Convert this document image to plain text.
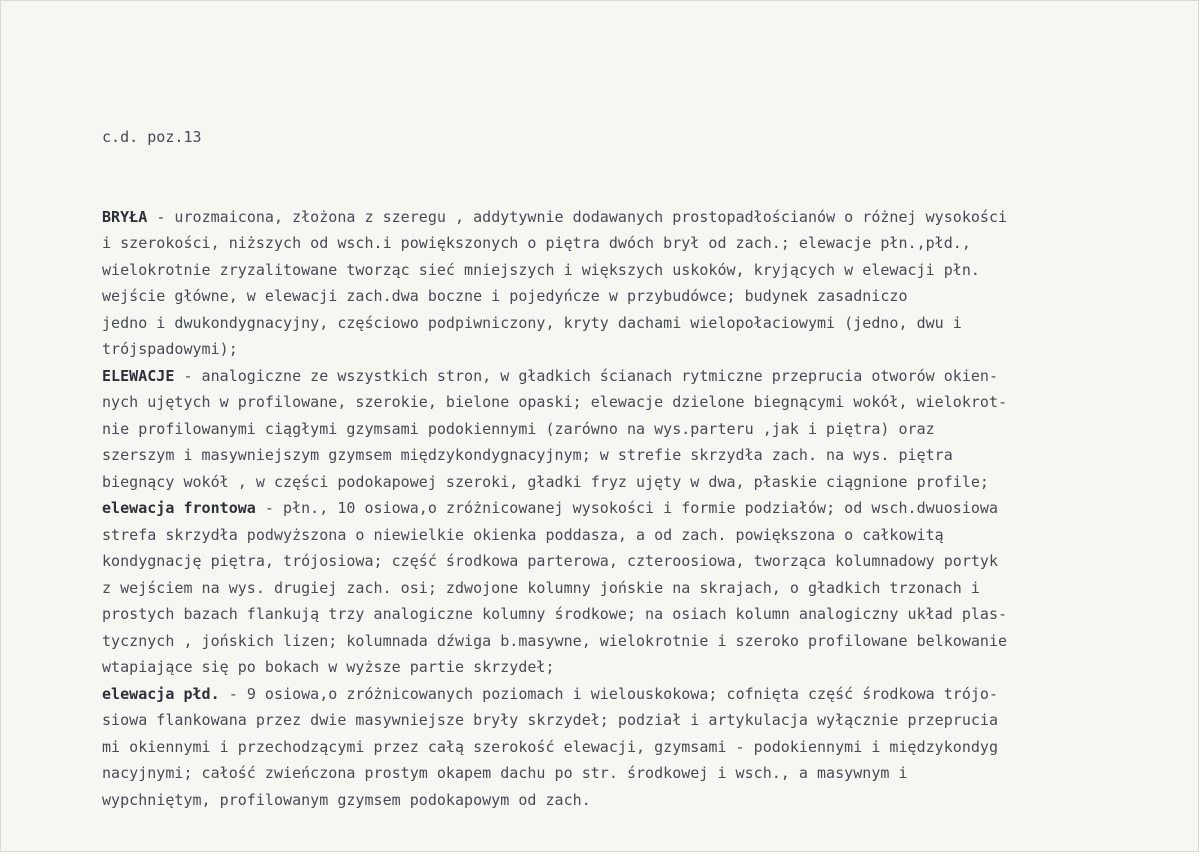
c.d. poz.13

BRYŁA - urozmaicona, złożona z szeregu , addytywnie dodawanych prostopadłościanów o różnej wysokości
i szerokości, niższych od wsch.i powiększonych o piętra dwóch brył od zach.; elewacje płn.,płd.,
wielokrotnie zryzalitowane tworząc sieć mniejszych i większych uskoków, kryjących w elewacji płn.
wejście główne, w elewacji zach.dwa boczne i pojedyńcze w przybudówce; budynek zasadniczo
jedno i dwukondygnacyjny, częściowo podpiwniczony, kryty dachami wielopołaciowymi (jedno, dwu i
trójspadowymi);
ELEWACJE - analogiczne ze wszystkich stron, w gładkich ścianach rytmiczne przeprucia otworów okien-
nych ujętych w profilowane, szerokie, bielone opaski; elewacje dzielone biegnącymi wokół, wielokrot-
nie profilowanymi ciągłymi gzymsami podokiennymi (zarówno na wys.parteru ,jak i piętra) oraz
szerszym i masywniejszym gzymsem międzykondygnacyjnym; w strefie skrzydła zach. na wys. piętra
biegnący wokół , w części podokapowej szeroki, gładki fryz ujęty w dwa, płaskie ciągnione profile;
elewacja frontowa - płn., 10 osiowa,o zróżnicowanej wysokości i formie podziałów; od wsch.dwuosiowa
strefa skrzydła podwyższona o niewielkie okienka poddasza, a od zach. powiększona o całkowitą
kondygnację piętra, trójosiowa; część środkowa parterowa, czteroosiowa, tworząca kolumnadowy portyk
z wejściem na wys. drugiej zach. osi; zdwojone kolumny jońskie na skrajach, o gładkich trzonach i
prostych bazach flankują trzy analogiczne kolumny środkowe; na osiach kolumn analogiczny układ plas-
tycznych , jońskich lizen; kolumnada dźwiga b.masywne, wielokrotnie i szeroko profilowane belkowanie
wtapiające się po bokach w wyższe partie skrzydeł;
elewacja płd. - 9 osiowa,o zróżnicowanych poziomach i wielouskokowa; cofnięta część środkowa trójo-
siowa flankowana przez dwie masywniejsze bryły skrzydeł; podział i artykulacja wyłącznie przeprucia
mi okiennymi i przechodzącymi przez całą szerokość elewacji, gzymsami - podokiennymi i międzykondyg
nacyjnymi; całość zwieńczona prostym okapem dachu po str. środkowej i wsch., a masywnym i
wypchniętym, profilowanym gzymsem podokapowym od zach.
